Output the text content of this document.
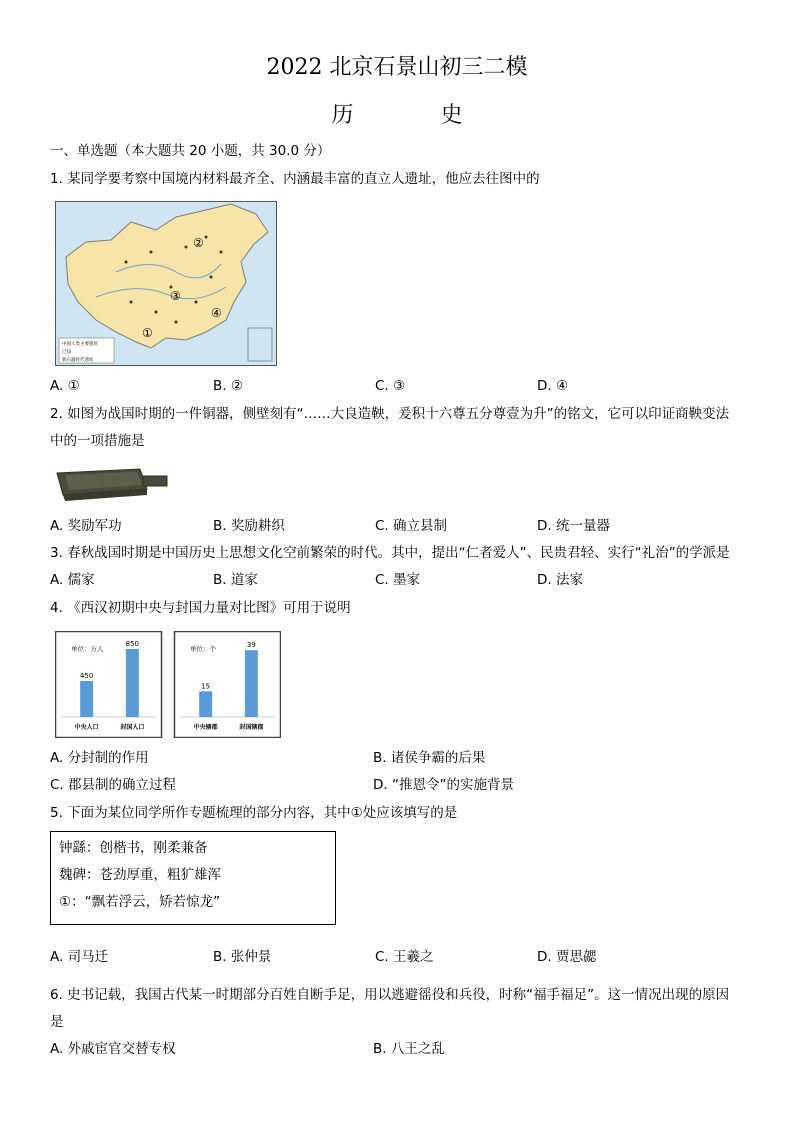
2022 北京石景山初三二模
历 史
一、单选题（本大题共 20 小题，共 30.0 分）
1. 某同学要考察中国境内材料最齐全、内涵最丰富的直立人遗址，他应去往图中的
①
②
③
④
中国人类主要遗址
已知
新石器时代遗址
A. ①	B. ②	C. ③	D. ④
2. 如图为战国时期的一件铜器，侧壁刻有“……大良造鞅，爰积十六尊五分尊壹为升”的铭文，它可以印证商鞅变法
中的一项措施是
A. 奖励军功	B. 奖励耕织	C. 确立县制	D. 统一量器
3. 春秋战国时期是中国历史上思想文化空前繁荣的时代。其中，提出“仁者爱人”、民贵君轻、实行“礼治”的学派是
A. 儒家	B. 道家	C. 墨家	D. 法家
4. 《西汉初期中央与封国力量对比图》可用于说明
单位：万人
450
中央人口
850
封国人口
单位：个
15
中央辖郡
39
封国辖郡
A. 分封制的作用	B. 诸侯争霸的后果
C. 郡县制的确立过程	D. “推恩令”的实施背景
5. 下面为某位同学所作专题梳理的部分内容，其中①处应该填写的是
钟繇：创楷书，刚柔兼备
魏碑：苍劲厚重，粗犷雄浑
①：“飘若浮云，矫若惊龙”
A. 司马迁	B. 张仲景	C. 王羲之	D. 贾思勰
6. 史书记载，我国古代某一时期部分百姓自断手足，用以逃避徭役和兵役，时称“福手福足”。这一情况出现的原因
是
A. 外戚宦官交替专权	B. 八王之乱
